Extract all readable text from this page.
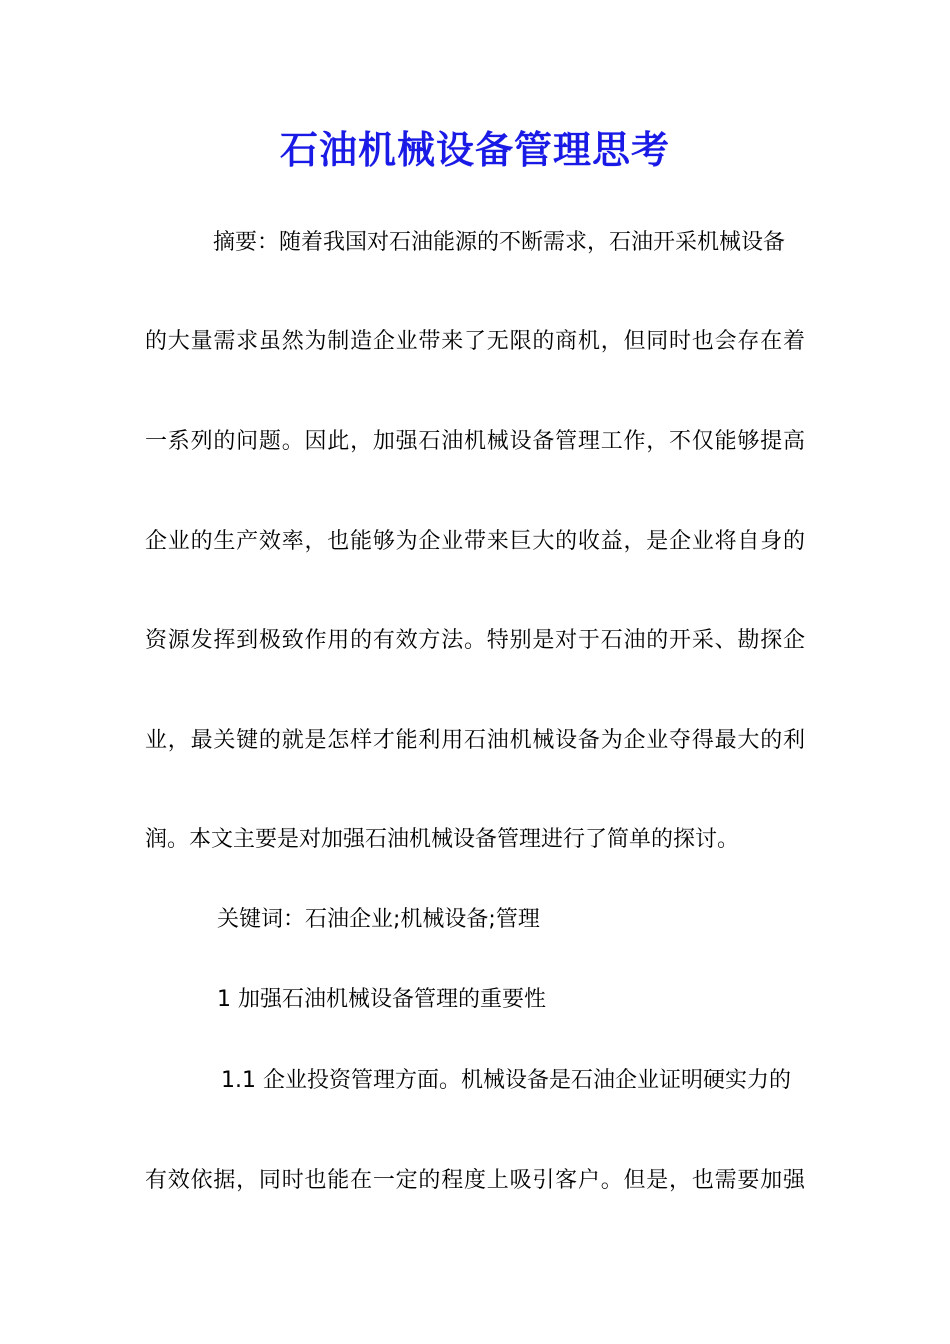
石油机械设备管理思考
摘要：随着我国对石油能源的不断需求，石油开采机械设备
的大量需求虽然为制造企业带来了无限的商机，但同时也会存在着
一系列的问题。因此，加强石油机械设备管理工作，不仅能够提高
企业的生产效率，也能够为企业带来巨大的收益，是企业将自身的
资源发挥到极致作用的有效方法。特别是对于石油的开采、勘探企
业，最关键的就是怎样才能利用石油机械设备为企业夺得最大的利
润。本文主要是对加强石油机械设备管理进行了简单的探讨。
关键词：石油企业;机械设备;管理
1 加强石油机械设备管理的重要性
1.1 企业投资管理方面。机械设备是石油企业证明硬实力的
有效依据，同时也能在一定的程度上吸引客户。但是，也需要加强
